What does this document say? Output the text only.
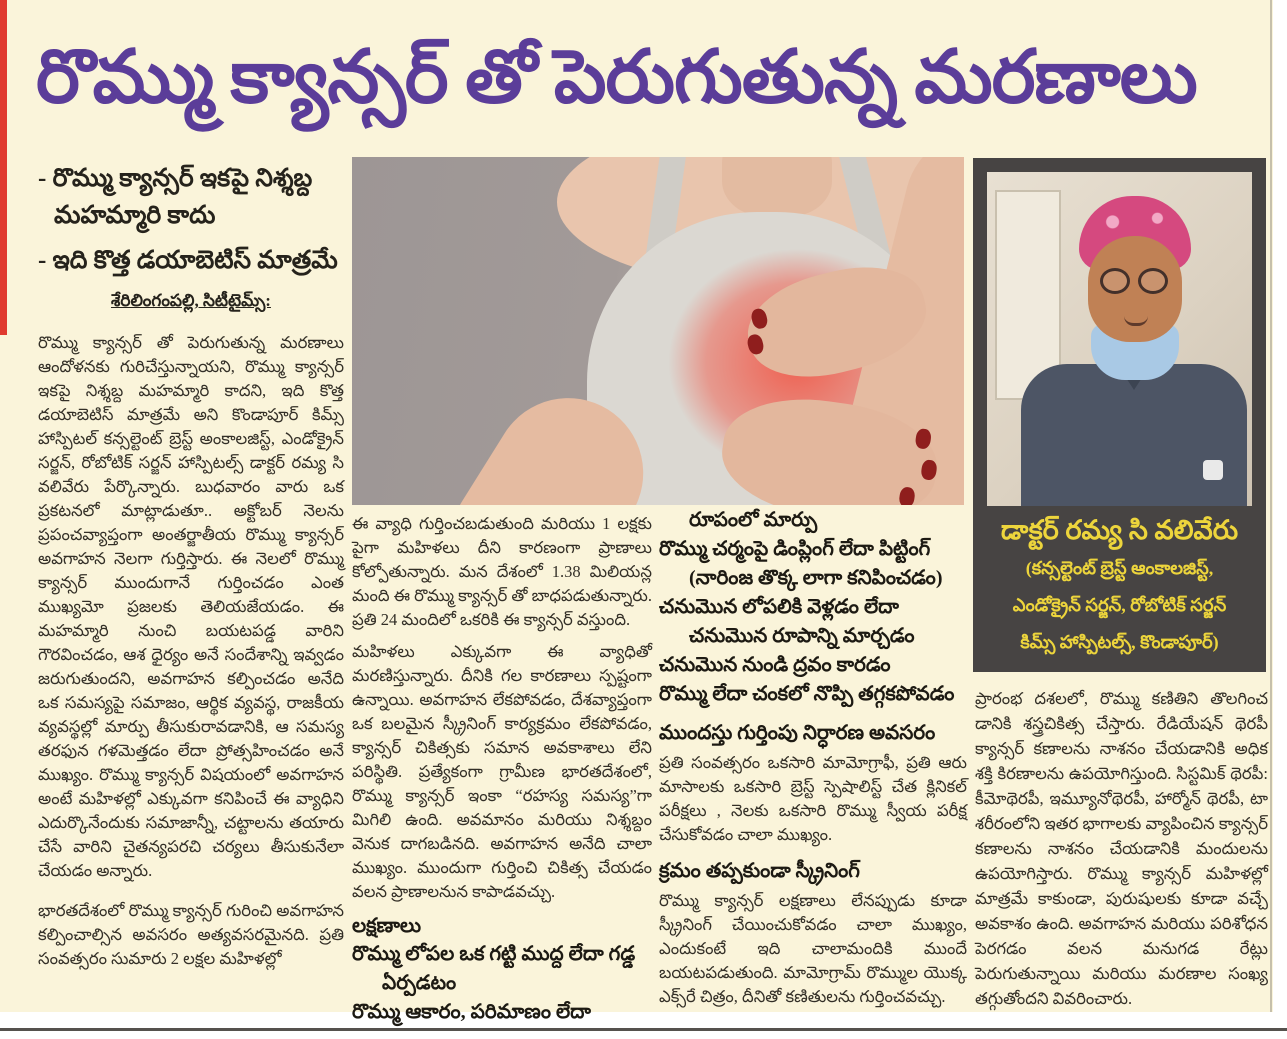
రొమ్ము క్యాన్సర్ తో పెరుగుతున్న మరణాలు
- రొమ్ము క్యాన్సర్ ఇకపై నిశ్శబ్ద మహమ్మారి కాదు
- ఇది కొత్త డయాబెటిస్ మాత్రమే
శేరిలింగంపల్లి, సిటీటైమ్స్:
రొమ్ము క్యాన్సర్ తో పెరుగుతున్న మరణాలు ఆందోళనకు గురిచేస్తున్నాయని, రొమ్ము క్యాన్సర్ ఇకపై నిశ్శబ్ద మహమ్మారి కాదని, ఇది కొత్త డయాబెటిస్ మాత్రమే అని కొండాపూర్ కిమ్స్ హాస్పిటల్ కన్సల్టెంట్ బ్రెస్ట్ అంకాలజిస్ట్, ఎండోక్రైన్ సర్జన్, రోబోటిక్ సర్జన్ హాస్పిటల్స్ డాక్టర్ రమ్య సి వలివేరు పేర్కొన్నారు. బుధవారం వారు ఒక ప్రకటనలో మాట్లాడుతూ.. అక్టోబర్ నెలను ప్రపంచవ్యాప్తంగా అంతర్జాతీయ రొమ్ము క్యాన్సర్ అవగాహన నెలగా గుర్తిస్తారు. ఈ నెలలో రొమ్ము క్యాన్సర్ ముందుగానే గుర్తించడం ఎంత ముఖ్యమో ప్రజలకు తెలియజేయడం. ఈ మహమ్మారి నుంచి బయటపడ్డ వారిని గౌరవించడం, ఆశ ధైర్యం అనే సందేశాన్ని ఇవ్వడం జరుగుతుందని, అవగాహన కల్పించడం అనేది ఒక సమస్యపై సమాజం, ఆర్థిక వ్యవస్థ, రాజకీయ వ్యవస్థల్లో మార్పు తీసుకురావడానికి, ఆ సమస్య తరఫున గళమెత్తడం లేదా ప్రోత్సహించడం అనే ముఖ్యం. రొమ్ము క్యాన్సర్ విషయంలో అవగాహన అంటే మహిళల్లో ఎక్కువగా కనిపించే ఈ వ్యాధిని ఎదుర్కొనేందుకు సమాజాన్నీ, చట్టాలను తయారు చేసే వారిని చైతన్యపరచి చర్యలు తీసుకునేలా చేయడం అన్నారు.
భారతదేశంలో రొమ్ము క్యాన్సర్ గురించి అవగాహన కల్పించాల్సిన అవసరం అత్యవసరమైనది. ప్రతి సంవత్సరం సుమారు 2 లక్షల మహిళల్లో
ఈ వ్యాధి గుర్తించబడుతుంది మరియు 1 లక్షకు పైగా మహిళలు దీని కారణంగా ప్రాణాలు కోల్పోతున్నారు. మన దేశంలో 1.38 మిలియన్ల మంది ఈ రొమ్ము క్యాన్సర్ తో బాధపడుతున్నారు. ప్రతి 24 మందిలో ఒకరికి ఈ క్యాన్సర్ వస్తుంది.
మహిళలు ఎక్కువగా ఈ వ్యాధితో మరణిస్తున్నారు. దీనికి గల కారణాలు స్పష్టంగా ఉన్నాయి. అవగాహన లేకపోవడం, దేశవ్యాప్తంగా ఒక బలమైన స్క్రీనింగ్ కార్యక్రమం లేకపోవడం, క్యాన్సర్ చికిత్సకు సమాన అవకాశాలు లేని పరిస్థితి. ప్రత్యేకంగా గ్రామీణ భారతదేశంలో, రొమ్ము క్యాన్సర్ ఇంకా “రహస్య సమస్య”గా మిగిలి ఉంది. అవమానం మరియు నిశ్శబ్దం వెనుక దాగబడినది. అవగాహన అనేది చాలా ముఖ్యం. ముందుగా గుర్తించి చికిత్స చేయడం వలన ప్రాణాలనున కాపాడవచ్చు.
లక్షణాలు
రొమ్ము లోపల ఒక గట్టి ముద్ద లేదా గడ్డ ఏర్పడటం
రొమ్ము ఆకారం, పరిమాణం లేదా
రూపంలో మార్పు
రొమ్ము చర్మంపై డింప్లింగ్ లేదా పిట్టింగ్ (నారింజ తొక్క లాగా కనిపించడం)
చనుమొన లోపలికి వెళ్లడం లేదా చనుమొన రూపాన్ని మార్చడం
చనుమొన నుండి ద్రవం కారడం
రొమ్ము లేదా చంకలో నొప్పి తగ్గకపోవడం
ముందస్తు గుర్తింపు నిర్ధారణ అవసరం
ప్రతి సంవత్సరం ఒకసారి మామోగ్రాఫీ, ప్రతి ఆరు మాసాలకు ఒకసారి బ్రెస్ట్ స్పెషాలిస్ట్ చేత క్లినికల్ పరీక్షలు , నెలకు ఒకసారి రొమ్ము స్వీయ పరీక్ష చేసుకోవడం చాలా ముఖ్యం.
క్రమం తప్పకుండా స్క్రీనింగ్
రొమ్ము క్యాన్సర్ లక్షణాలు లేనప్పుడు కూడా స్క్రీనింగ్ చేయించుకోవడం చాలా ముఖ్యం, ఎందుకంటే ఇది చాలామందికి ముందే బయటపడుతుంది. మామోగ్రామ్ రొమ్ముల యొక్క ఎక్స్‌రే చిత్రం, దీనితో కణితులను గుర్తించవచ్చు.
డాక్టర్ రమ్య సి వలివేరు
(కన్సల్టెంట్ బ్రెస్ట్ ఆంకాలజిస్ట్,
ఎండోక్రైన్ సర్జన్, రోబోటిక్ సర్జన్
కిమ్స్ హాస్పిటల్స్, కొండాపూర్)
ప్రారంభ దశలలో, రొమ్ము కణితిని తొలగించ డానికి శస్త్రచికిత్స చేస్తారు. రేడియేషన్ థెరపీ క్యాన్సర్ కణాలను నాశనం చేయడానికి అధిక శక్తి కిరణాలను ఉపయోగిస్తుంది. సిస్టమిక్ థెరపీ: కీమోథెరపీ, ఇమ్యూనోథెరపీ, హార్మోన్ థెరపీ, టా శరీరంలోని ఇతర భాగాలకు వ్యాపించిన క్యాన్సర్ కణాలను నాశనం చేయడానికి మందులను ఉపయోగిస్తారు. రొమ్ము క్యాన్సర్ మహిళల్లో మాత్రమే కాకుండా, పురుషులకు కూడా వచ్చే అవకాశం ఉంది. అవగాహన మరియు పరిశోధన పెరగడం వలన మనుగడ రేట్లు పెరుగుతున్నాయి మరియు మరణాల సంఖ్య తగ్గుతోందని వివరించారు.
